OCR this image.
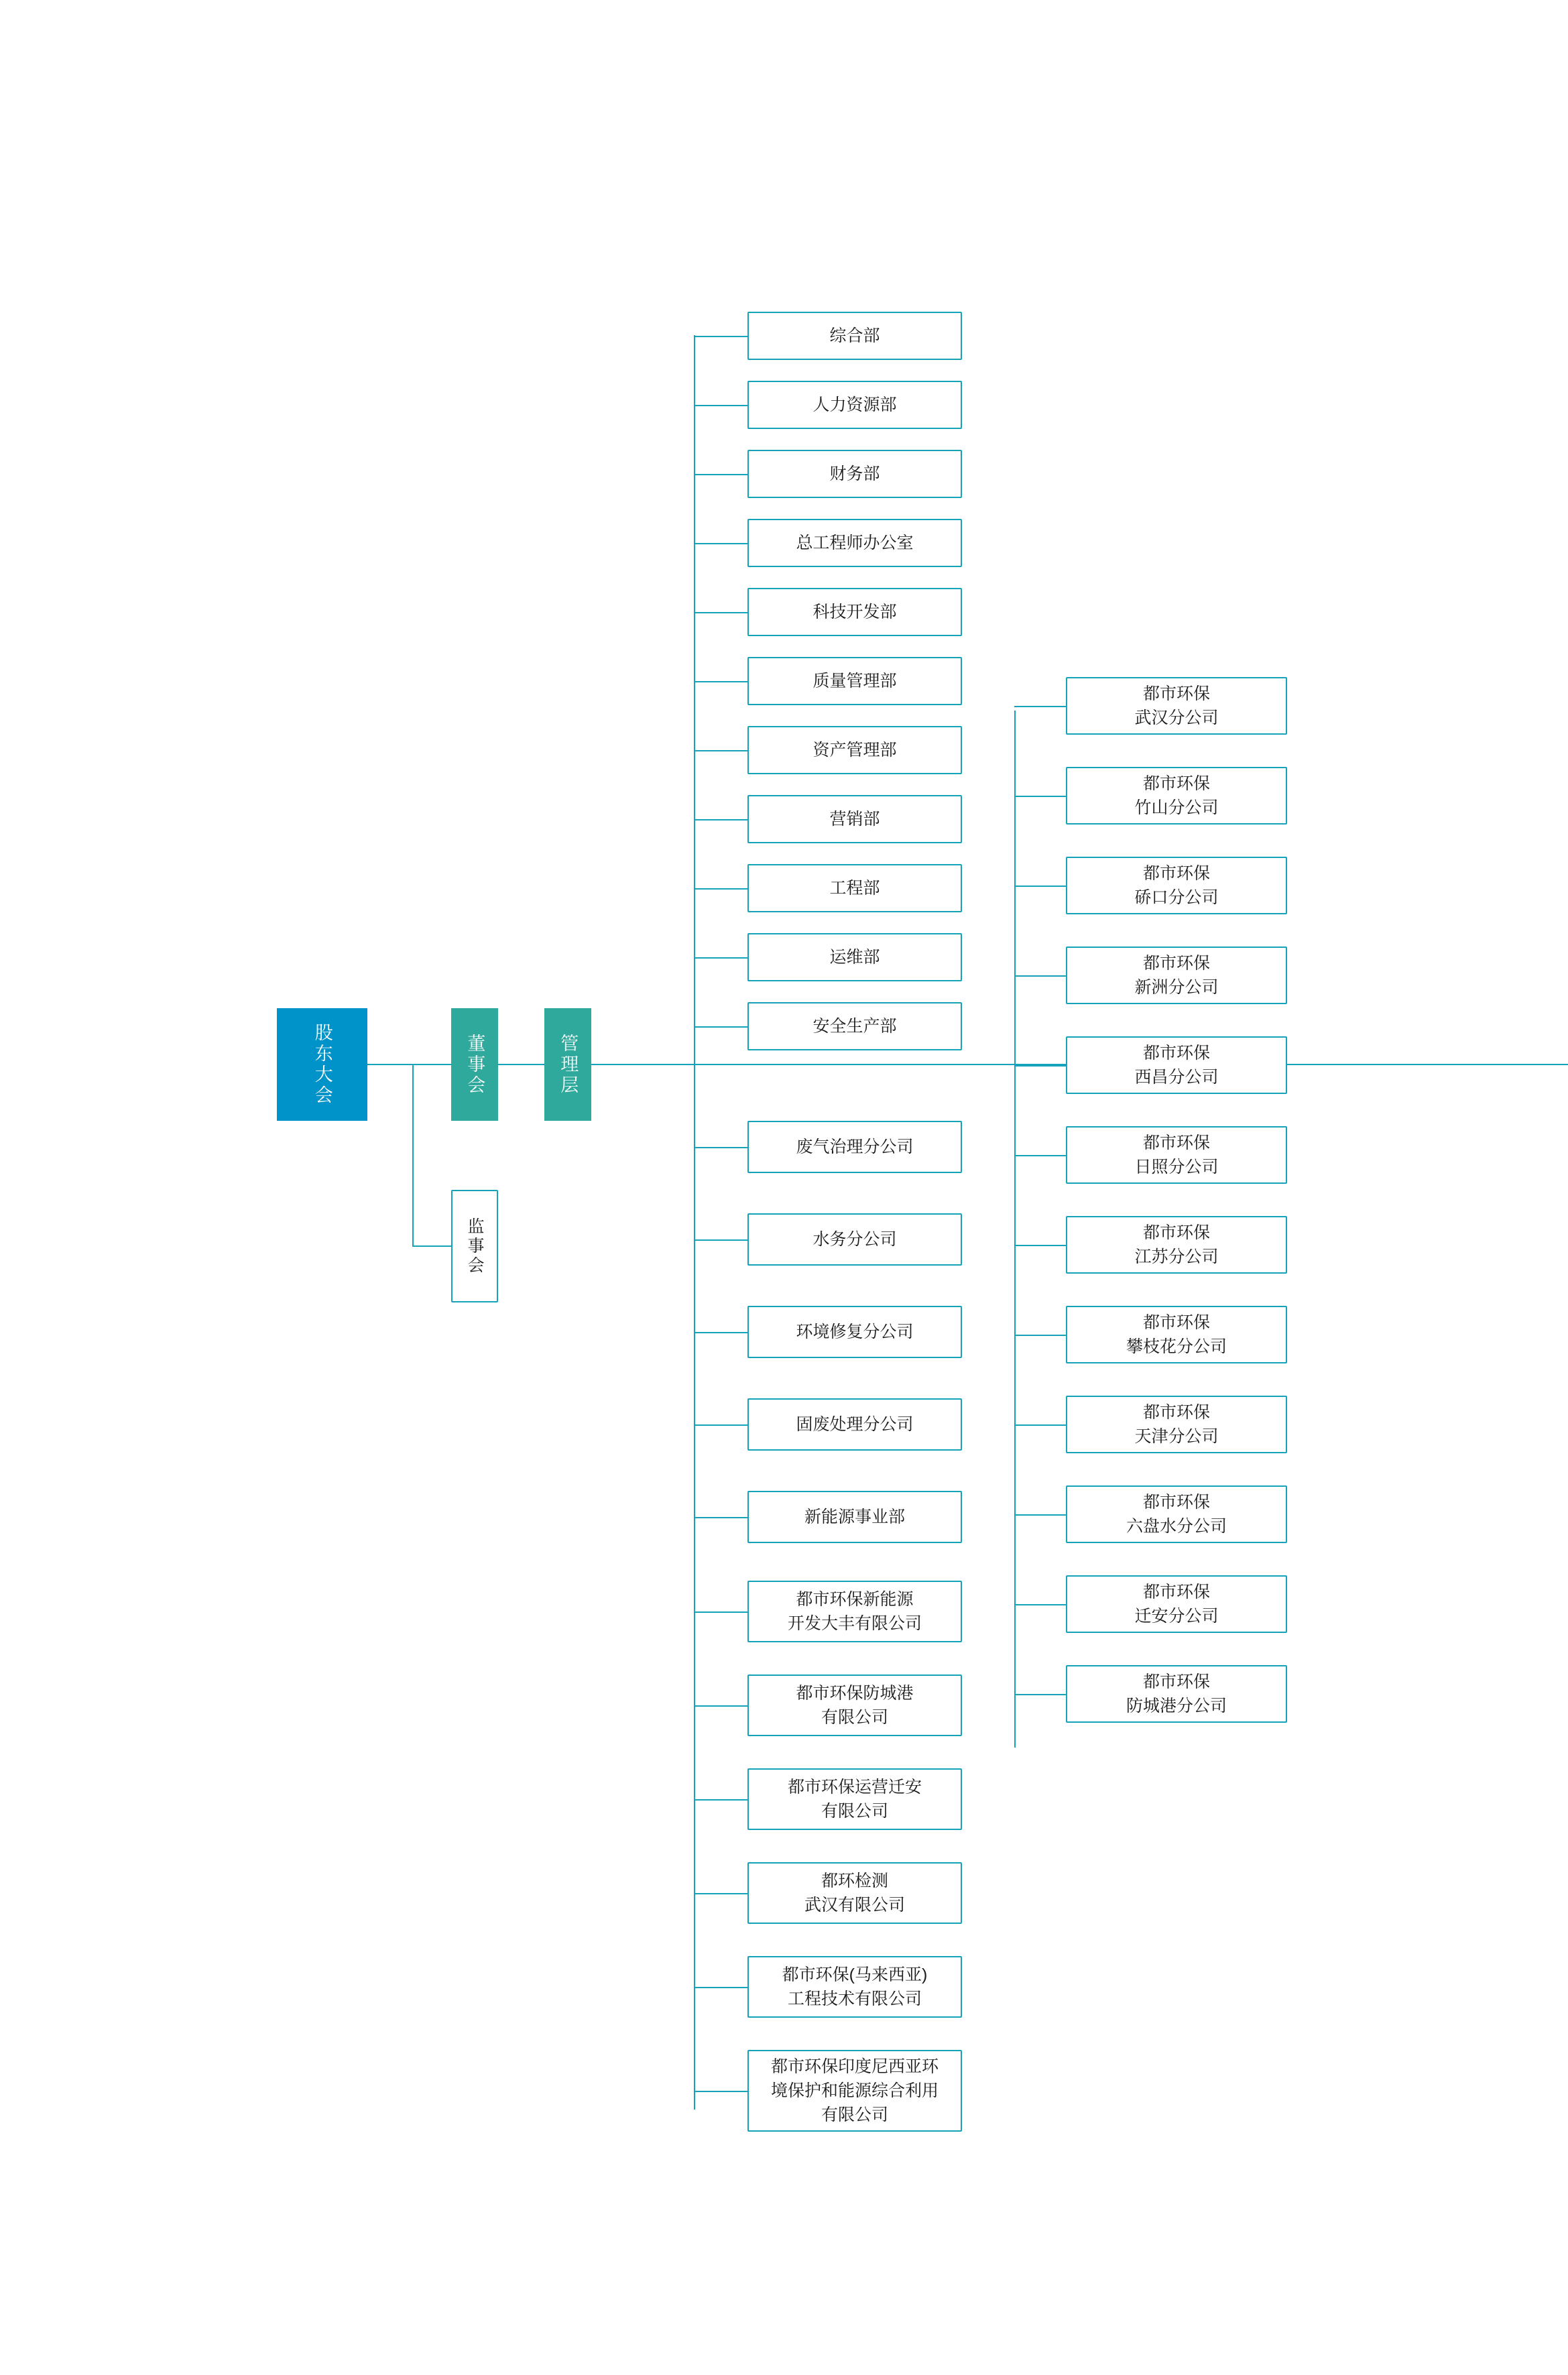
股东大会	董事会	管理层
监事会
综合部
人力资源部
财务部
总工程师办公室
科技开发部
质量管理部
资产管理部
营销部
工程部
运维部
安全生产部
废气治理分公司
水务分公司
环境修复分公司
固废处理分公司
新能源事业部
都市环保新能源
开发大丰有限公司
都市环保防城港
有限公司
都市环保运营迁安
有限公司
都环检测
武汉有限公司
都市环保(马来西亚)
工程技术有限公司
都市环保印度尼西亚环
境保护和能源综合利用
有限公司
都市环保
武汉分公司
都市环保
竹山分公司
都市环保
硚口分公司
都市环保
新洲分公司
都市环保
西昌分公司
都市环保
日照分公司
都市环保
江苏分公司
都市环保
攀枝花分公司
都市环保
天津分公司
都市环保
六盘水分公司
都市环保
迁安分公司
都市环保
防城港分公司
